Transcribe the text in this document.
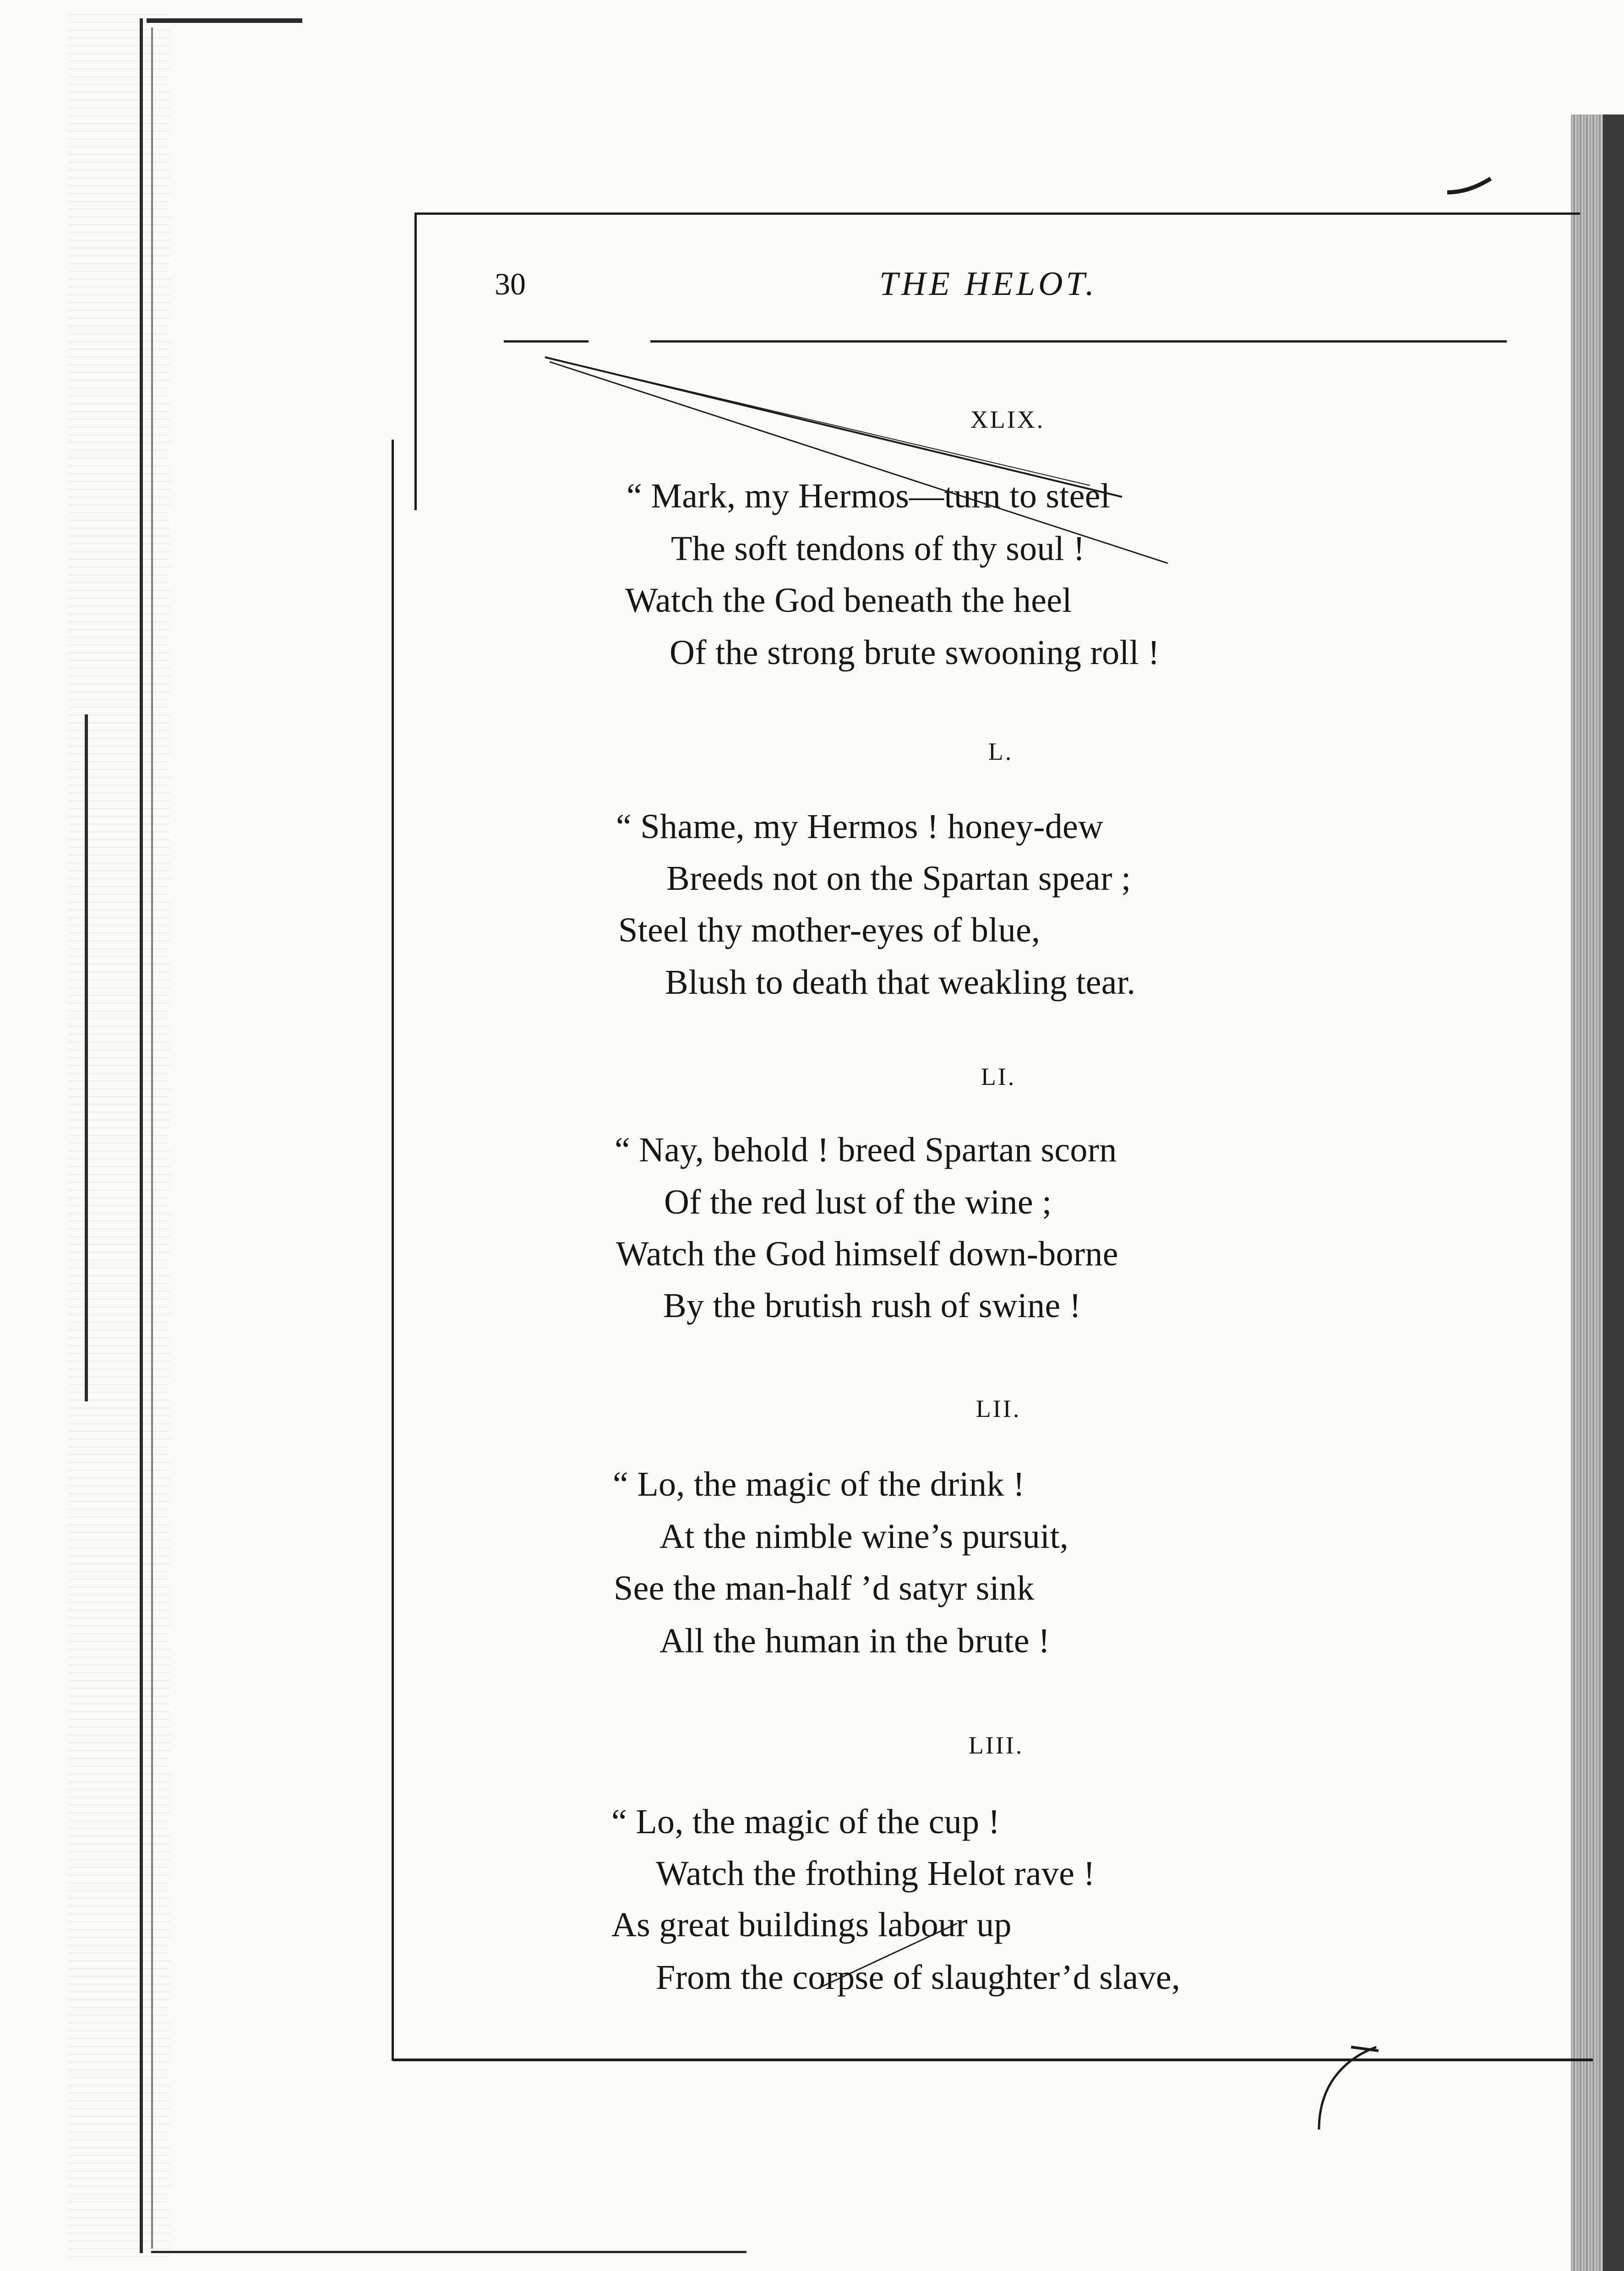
30	THE HELOT.
XLIX.
“ Mark, my Hermos—turn to steel
The soft tendons of thy soul !
Watch the God beneath the heel
Of the strong brute swooning roll !
L.
“ Shame, my Hermos ! honey-dew
Breeds not on the Spartan spear ;
Steel thy mother-eyes of blue,
Blush to death that weakling tear.
LI.
“ Nay, behold ! breed Spartan scorn
Of the red lust of the wine ;
Watch the God himself down-borne
By the brutish rush of swine !
LII.
“ Lo, the magic of the drink !
At the nimble wine’s pursuit,
See the man-half ’d satyr sink
All the human in the brute !
LIII.
“ Lo, the magic of the cup !
Watch the frothing Helot rave !
As great buildings labour up
From the corpse of slaughter’d slave,
